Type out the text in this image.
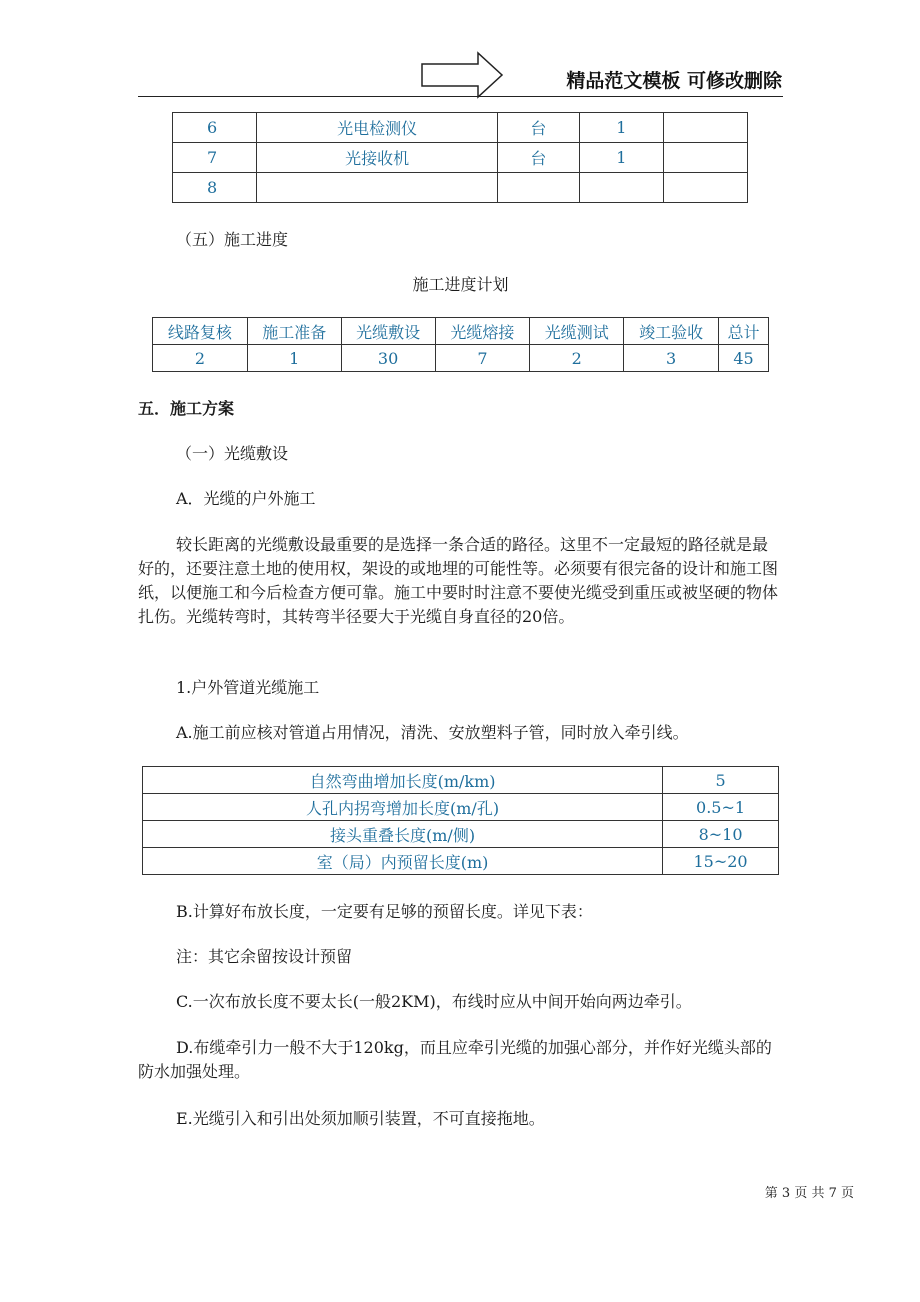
精品范文模板 可修改删除
6	光电检测仪	台	1	
7	光接收机	台	1	
8				
（五）施工进度
施工进度计划
线路复核	施工准备	光缆敷设	光缆熔接	光缆测试	竣工验收	总计
2	1	30	7	2	3	45
五．施工方案
（一）光缆敷设
A．光缆的户外施工
较长距离的光缆敷设最重要的是选择一条合适的路径。这里不一定最短的路径就是最好的，还要注意土地的使用权，架设的或地埋的可能性等。必须要有很完备的设计和施工图纸，以便施工和今后检查方便可靠。施工中要时时注意不要使光缆受到重压或被坚硬的物体扎伤。光缆转弯时，其转弯半径要大于光缆自身直径的20倍。
1.户外管道光缆施工
A.施工前应核对管道占用情况，清洗、安放塑料子管，同时放入牵引线。
自然弯曲增加长度(m/km)	5
人孔内拐弯增加长度(m/孔)	0.5~1
接头重叠长度(m/侧)	8~10
室（局）内预留长度(m)	15~20
B.计算好布放长度，一定要有足够的预留长度。详见下表：
注：其它余留按设计预留
C.一次布放长度不要太长(一般2KM)，布线时应从中间开始向两边牵引。
D.布缆牵引力一般不大于120kg，而且应牵引光缆的加强心部分，并作好光缆头部的防水加强处理。
E.光缆引入和引出处须加顺引装置，不可直接拖地。
第 3 页 共 7 页
